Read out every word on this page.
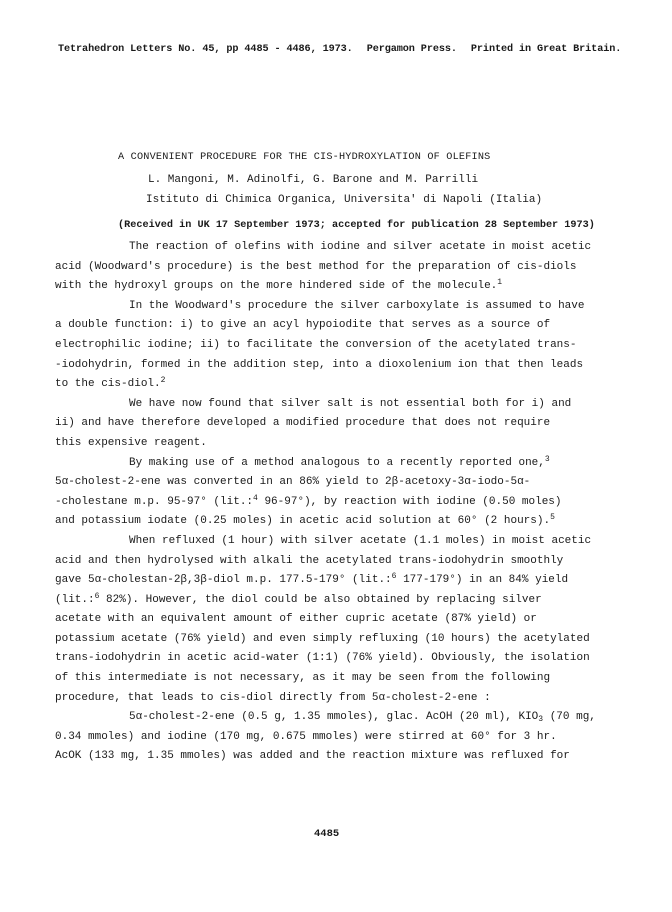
Tetrahedron Letters No. 45, pp 4485 - 4486, 1973. Pergamon Press. Printed in Great Britain.
A CONVENIENT PROCEDURE FOR THE CIS-HYDROXYLATION OF OLEFINS
L. Mangoni, M. Adinolfi, G. Barone and M. Parrilli
Istituto di Chimica Organica, Universita' di Napoli (Italia)
(Received in UK 17 September 1973; accepted for publication 28 September 1973)
The reaction of olefins with iodine and silver acetate in moist acetic
acid (Woodward's procedure) is the best method for the preparation of cis-diols
with the hydroxyl groups on the more hindered side of the molecule.$^1$
In the Woodward's procedure the silver carboxylate is assumed to have
a double function: i) to give an acyl hypoiodite that serves as a source of
electrophilic iodine; ii) to facilitate the conversion of the acetylated trans-
-iodohydrin, formed in the addition step, into a dioxolenium ion that then leads
to the cis-diol.$^2$
We have now found that silver salt is not essential both for i) and
ii) and have therefore developed a modified procedure that does not require
this expensive reagent.
By making use of a method analogous to a recently reported one,$^3$
5α-cholest-2-ene was converted in an 86% yield to 2β-acetoxy-3α-iodo-5α-
-cholestane m.p. 95-97° (lit.:$^4$ 96-97°), by reaction with iodine (0.50 moles)
and potassium iodate (0.25 moles) in acetic acid solution at 60° (2 hours).$^5$
When refluxed (1 hour) with silver acetate (1.1 moles) in moist acetic
acid and then hydrolysed with alkali the acetylated trans-iodohydrin smoothly
gave 5α-cholestan-2β,3β-diol m.p. 177.5-179° (lit.:$^6$ 177-179°) in an 84% yield
(lit.:$^6$ 82%). However, the diol could be also obtained by replacing silver
acetate with an equivalent amount of either cupric acetate (87% yield) or
potassium acetate (76% yield) and even simply refluxing (10 hours) the acetylated
trans-iodohydrin in acetic acid-water (1:1) (76% yield). Obviously, the isolation
of this intermediate is not necessary, as it may be seen from the following
procedure, that leads to cis-diol directly from 5α-cholest-2-ene :
5α-cholest-2-ene (0.5 g, 1.35 mmoles), glac. AcOH (20 ml), $KIO_3$ (70 mg,
0.34 mmoles) and iodine (170 mg, 0.675 mmoles) were stirred at 60° for 3 hr.
AcOK (133 mg, 1.35 mmoles) was added and the reaction mixture was refluxed for
4485
